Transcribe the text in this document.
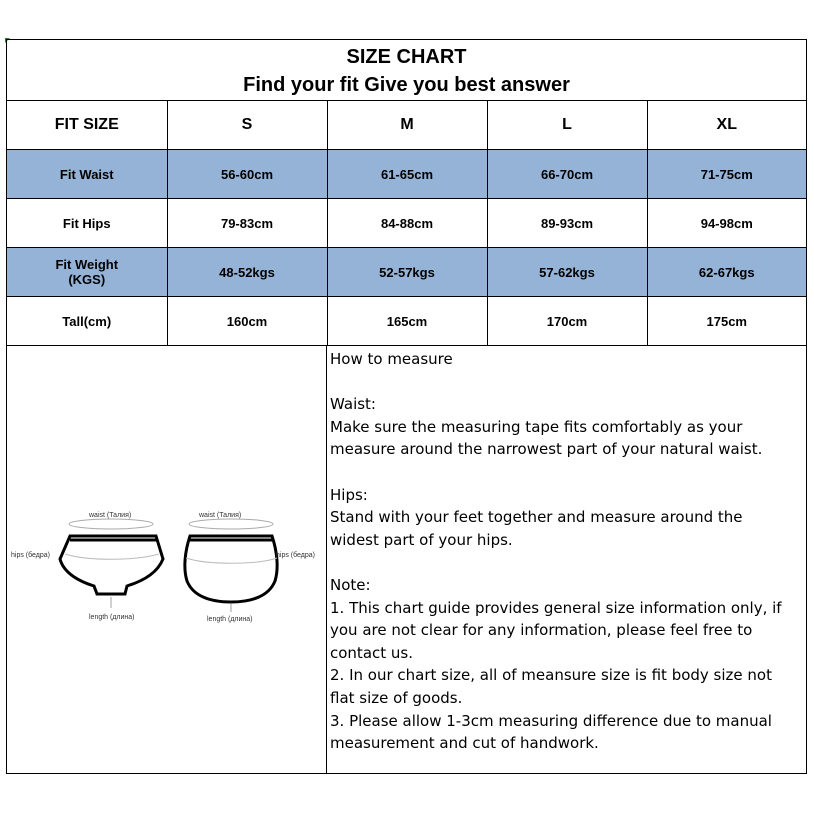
SIZE CHART
Find your fit Give you best answer
FIT SIZE	S	M	L	XL
Fit Waist	56-60cm	61-65cm	66-70cm	71-75cm
Fit Hips	79-83cm	84-88cm	89-93cm	94-98cm

Fit Weight
(KGS)	48-52kgs	52-57kgs	57-62kgs	62-67kgs
Tall(cm)	160cm	165cm	170cm	175cm
waist (Талия)
hips (бедра)
length (длина)
waist (Талия)
hips (бедра)
length (длина)

How to measure

Waist:

Make sure the measuring tape fits comfortably as your

measure around the narrowest part of your natural waist.

Hips:

Stand with your feet together and measure around the

widest part of your hips.

Note:

1. This chart guide provides general size information only, if

you are not clear for any information, please feel free to

contact us.

2. In our chart size, all of meansure size is fit body size not

flat size of goods.

3. Please allow 1-3cm measuring difference due to manual

measurement and cut of handwork.
